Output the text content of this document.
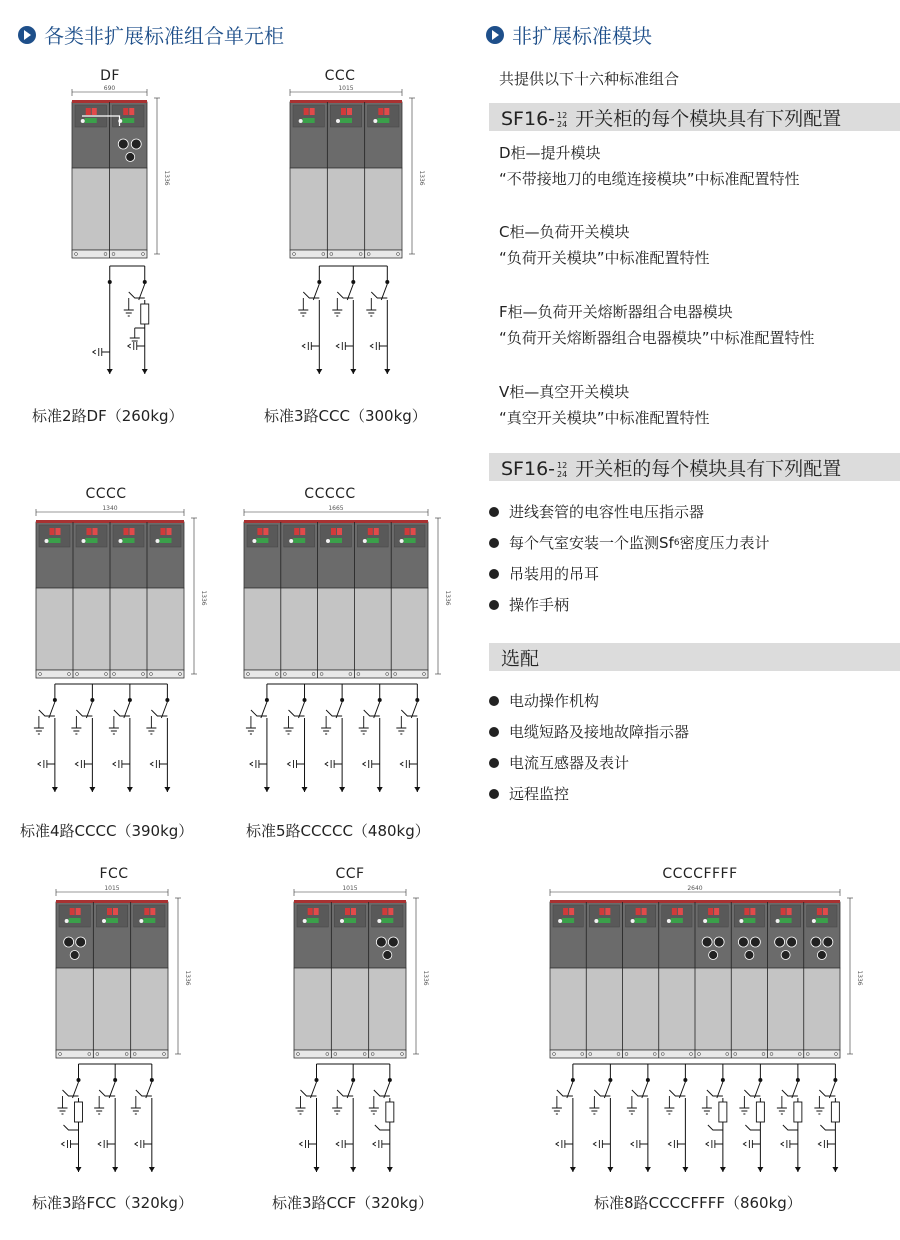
各类非扩展标准组合单元柜	非扩展标准模块
DF	CCC
CCCC	CCCCC
FCC	CCF	CCCCFFFF
690
1336
1015
1336
1340
1336
1665
1336
1015
1336
1015
1336
2640
1336
标准2路DF（260kg）	标准3路CCC（300kg）
标准4路CCCC（390kg）	标准5路CCCCC（480kg）
标准3路FCC（320kg）	标准3路CCF（320kg）	标准8路CCCCFFFF（860kg）
共提供以下十六种标准组合
SF16- 12
24 开关柜的每个模块具有下列配置
D柜—提升模块
“不带接地刀的电缆连接模块”中标准配置特性
C柜—负荷开关模块
“负荷开关模块”中标准配置特性
F柜—负荷开关熔断器组合电器模块
“负荷开关熔断器组合电器模块”中标准配置特性
V柜—真空开关模块
“真空开关模块”中标准配置特性
SF16- 12
24 开关柜的每个模块具有下列配置
进线套管的电容性电压指示器
每个气室安装一个监测Sf 6 密度压力表计
吊装用的吊耳
操作手柄
选配
电动操作机构
电缆短路及接地故障指示器
电流互感器及表计
远程监控
